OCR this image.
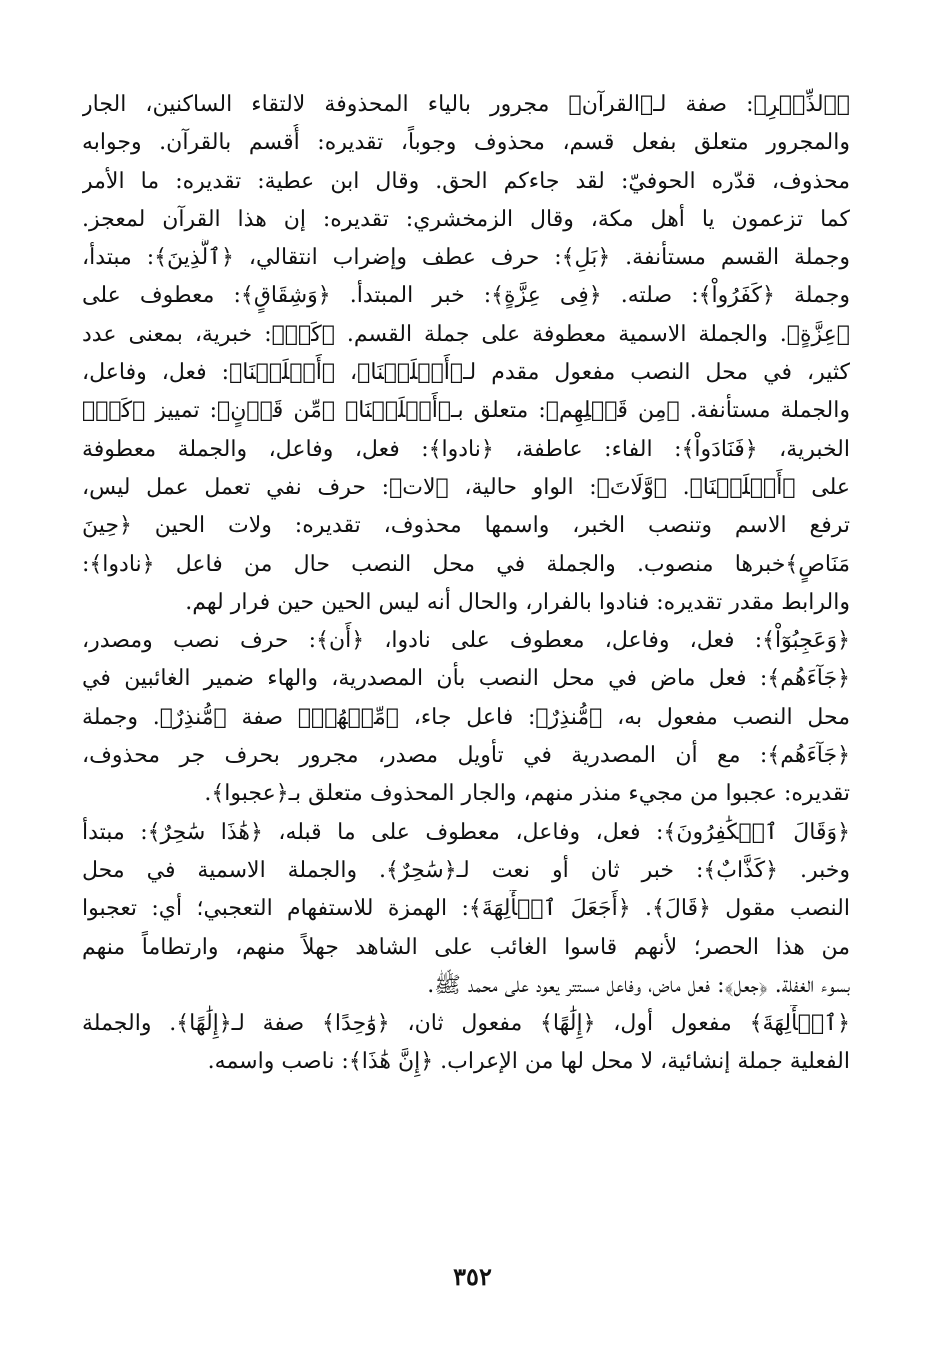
﴿ٱلذِّكۡرِ﴾: صفة لـ﴿القرآن﴾ مجرور بالياء المحذوفة لالتقاء الساكنين، الجار
والمجرور متعلق بفعل قسم، محذوف وجوباً، تقديره: أُقسم بالقرآن. وجوابه
محذوف، قدّره الحوفيّ: لقد جاءكم الحق. وقال ابن عطية: تقديره: ما الأمر
كما تزعمون يا أهل مكة، وقال الزمخشري: تقديره: إن هذا القرآن لمعجز.
وجملة القسم مستأنفة. ﴿بَلِ﴾: حرف عطف وإضراب انتقالي، ﴿ٱلَّذِينَ﴾: مبتدأ،
وجملة ﴿كَفَرُواْ﴾: صلته. ﴿فِى عِزَّةٍ﴾: خبر المبتدأ. ﴿وَشِقَاقٍ﴾: معطوف على
﴿عِزَّةٍ﴾. والجملة الاسمية معطوفة على جملة القسم. ﴿كَمۡ﴾: خبرية، بمعنى عدد
كثير، في محل النصب مفعول مقدم لـ﴿أَهۡلَكۡنَا﴾، ﴿أَهۡلَكۡنَا﴾: فعل، وفاعل،
والجملة مستأنفة. ﴿مِن قَبۡلِهِم﴾: متعلق بـ﴿أَهۡلَكۡنَا﴾ ﴿مِّن قَرۡنٍ﴾: تمييز ﴿كَمۡ﴾
الخبرية، ﴿فَنَادَواْ﴾: الفاء: عاطفة، ﴿نادوا﴾: فعل، وفاعل، والجملة معطوفة
على ﴿أَهۡلَكۡنَا﴾. ﴿وَّلَاتَ﴾: الواو حالية، ﴿لات﴾: حرف نفي تعمل عمل ليس،
ترفع الاسم وتنصب الخبر، واسمها محذوف، تقديره: ولات الحين ﴿حِينَ
مَنَاصٍ﴾خبرها منصوب. والجملة في محل النصب حال من فاعل ﴿نادوا﴾:
والرابط مقدر تقديره: فنادوا بالفرار، والحال أنه ليس الحين حين فرار لهم.
﴿وَعَجِبُوٓاْ﴾: فعل، وفاعل، معطوف على نادوا، ﴿أَن﴾: حرف نصب ومصدر،
﴿جَآءَهُم﴾: فعل ماض في محل النصب بأن المصدرية، والهاء ضمير الغائبين في
محل النصب مفعول به، ﴿مُّنذِرٌ﴾: فاعل جاء، ﴿مِّنۡهُمۡ﴾ صفة ﴿مُّنذِرٌ﴾. وجملة
﴿جَآءَهُم﴾: مع أن المصدرية في تأويل مصدر، مجرور بحرف جر محذوف،
تقديره: عجبوا من مجيء منذر منهم، والجار المحذوف متعلق بـ﴿عجبوا﴾.
﴿وَقَالَ ٱلۡكَٰفِرُونَ﴾: فعل، وفاعل، معطوف على ما قبله، ﴿هَٰذَا سَٰحِرٌ﴾: مبتدأ
وخبر. ﴿كَذَّابٌ﴾: خبر ثان أو نعت لـ﴿سَٰحِرٌ﴾. والجملة الاسمية في محل
النصب مقول ﴿قَالَ﴾. ﴿أَجَعَلَ ٱلۡأٓلِهَةَ﴾: الهمزة للاستفهام التعجبي؛ أي: تعجبوا
من هذا الحصر؛ لأنهم قاسوا الغائب على الشاهد جهلاً منهم، وارتطاماً منهم
بسوء الغفلة. ﴿جعل﴾: فعل ماض، وفاعل مستتر يعود على محمد ﷺ.
﴿ٱلۡأٓلِهَةَ﴾ مفعول أول، ﴿إِلَٰهًا﴾ مفعول ثان، ﴿وَٰحِدًا﴾ صفة لـ﴿إِلَٰهًا﴾. والجملة
الفعلية جملة إنشائية، لا محل لها من الإعراب. ﴿إِنَّ هَٰذَا﴾: ناصب واسمه.
٣٥٢
